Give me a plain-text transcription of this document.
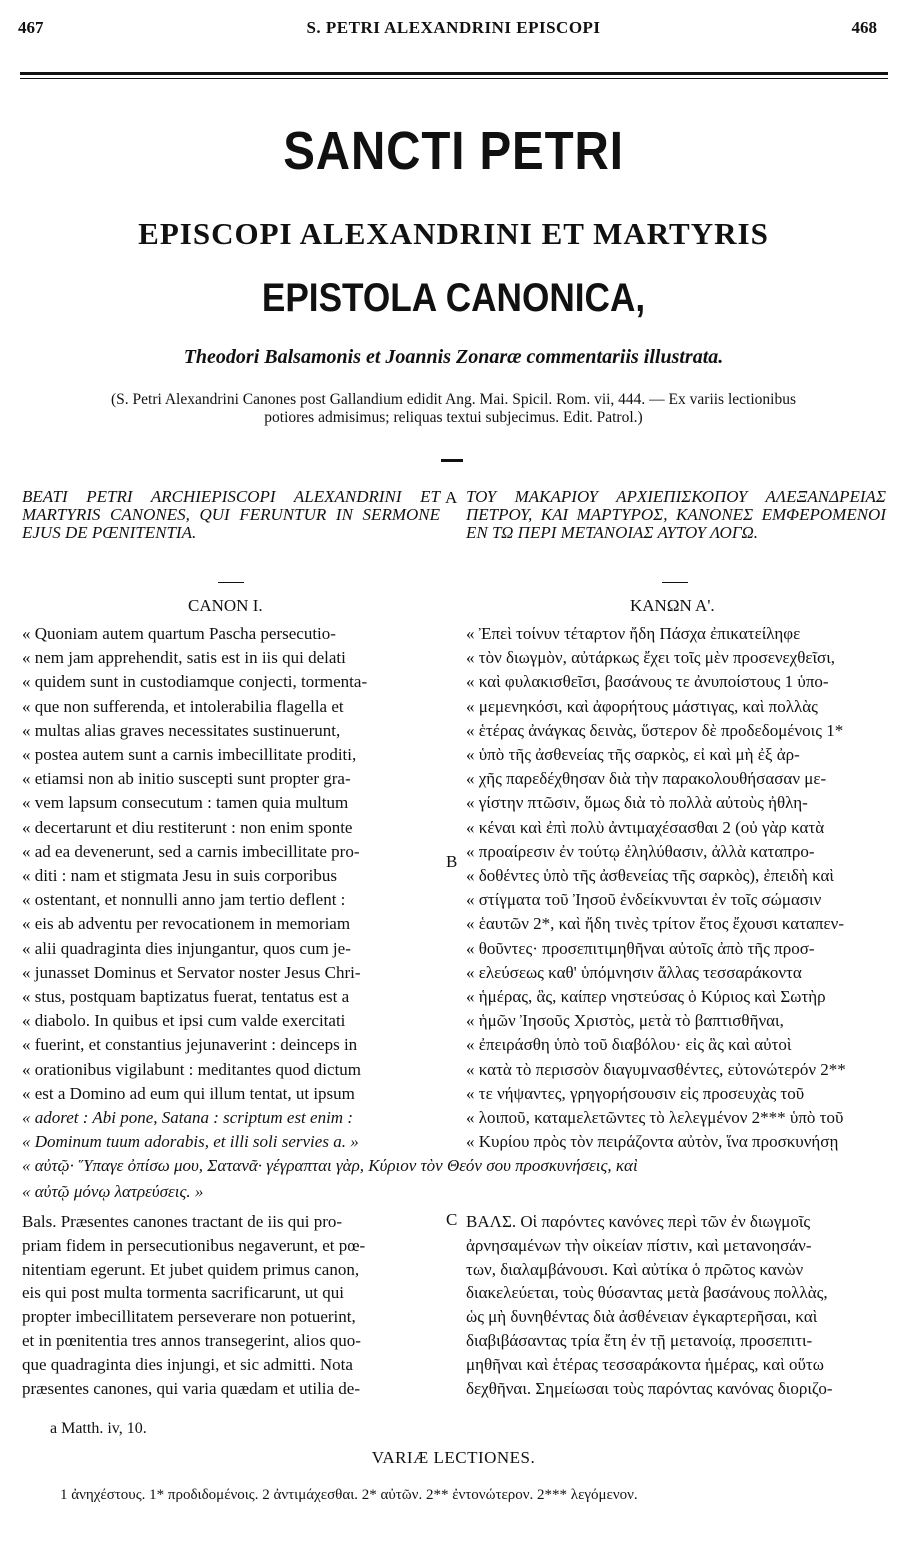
S. PETRI ALEXANDRINI EPISCOPI
467	468
SANCTI PETRI
EPISCOPI ALEXANDRINI ET MARTYRIS
EPISTOLA CANONICA,
Theodori Balsamonis et Joannis Zonaræ commentariis illustrata.
(S. Petri Alexandrini Canones post Gallandium edidit Ang. Mai. Spicil. Rom. vii, 444. — Ex variis lectionibus
potiores admisimus; reliquas textui subjecimus. Edit. Patrol.)
BEATI PETRI ARCHIEPISCOPI ALEXANDRINI ET MARTYRIS CANONES, QUI FERUNTUR IN SERMONE EJUS DE PŒNITENTIA.
ΤΟΥ ΜΑΚΑΡΙΟΥ ΑΡΧΙΕΠΙΣΚΟΠΟΥ ΑΛΕΞΑΝΔΡΕΙΑΣ ΠΕΤΡΟΥ, ΚΑΙ ΜΑΡΤΥΡΟΣ, ΚΑΝΟΝΕΣ ΕΜΦΕΡΟΜΕΝΟΙ ΕΝ ΤΩ ΠΕΡΙ ΜΕΤΑΝΟΙΑΣ ΑΥΤΟΥ ΛΟΓΩ.
A
CANON I.	ΚΑΝΩΝ Α'.
« Quoniam autem quartum Pascha persecutio-
« nem jam apprehendit, satis est in iis qui delati
« quidem sunt in custodiamque conjecti, tormenta-
« que non sufferenda, et intolerabilia flagella et
« multas alias graves necessitates sustinuerunt,
« postea autem sunt a carnis imbecillitate proditi,
« etiamsi non ab initio suscepti sunt propter gra-
« vem lapsum consecutum : tamen quia multum
« decertarunt et diu restiterunt : non enim sponte
« ad ea devenerunt, sed a carnis imbecillitate pro-
« diti : nam et stigmata Jesu in suis corporibus
« ostentant, et nonnulli anno jam tertio deflent :
« eis ab adventu per revocationem in memoriam
« alii quadraginta dies injungantur, quos cum je-
« junasset Dominus et Servator noster Jesus Chri-
« stus, postquam baptizatus fuerat, tentatus est a
« diabolo. In quibus et ipsi cum valde exercitati
« fuerint, et constantius jejunaverint : deinceps in
« orationibus vigilabunt : meditantes quod dictum
« est a Domino ad eum qui illum tentat, ut ipsum
« adoret : Abi pone, Satana : scriptum est enim :
« Dominum tuum adorabis, et illi soli servies a. »
B
« Ἐπεὶ τοίνυν τέταρτον ἤδη Πάσχα ἐπικατείληφε
« τὸν διωγμὸν, αὐτάρκως ἔχει τοῖς μὲν προσενεχθεῖσι,
« καὶ φυλακισθεῖσι, βασάνους τε ἀνυποίστους 1 ὑπο-
« μεμενηκόσι, καὶ ἀφορήτους μάστιγας, καὶ πολλὰς
« ἑτέρας ἀνάγκας δεινὰς, ὕστερον δὲ προδεδομένοις 1*
« ὑπὸ τῆς ἀσθενείας τῆς σαρκὸς, εἰ καὶ μὴ ἐξ ἀρ-
« χῆς παρεδέχθησαν διὰ τὴν παρακολουθήσασαν με-
« γίστην πτῶσιν, ὅμως διὰ τὸ πολλὰ αὐτοὺς ἠθλη-
« κέναι καὶ ἐπὶ πολὺ ἀντιμαχέσασθαι 2 (οὐ γὰρ κατὰ
« προαίρεσιν ἐν τούτῳ ἐληλύθασιν, ἀλλὰ καταπρο-
« δοθέντες ὑπὸ τῆς ἀσθενείας τῆς σαρκὸς), ἐπειδὴ καὶ
« στίγματα τοῦ Ἰησοῦ ἐνδείκνυνται ἐν τοῖς σώμασιν
« ἑαυτῶν 2*, καὶ ἤδη τινὲς τρίτον ἔτος ἔχουσι καταπεν-
« θοῦντες· προσεπιτιμηθῆναι αὐτοῖς ἀπὸ τῆς προσ-
« ελεύσεως καθ' ὑπόμνησιν ἄλλας τεσσαράκοντα
« ἡμέρας, ἃς, καίπερ νηστεύσας ὁ Κύριος καὶ Σωτὴρ
« ἡμῶν Ἰησοῦς Χριστὸς, μετὰ τὸ βαπτισθῆναι,
« ἐπειράσθη ὑπὸ τοῦ διαβόλου· εἰς ἃς καὶ αὐτοὶ
« κατὰ τὸ περισσὸν διαγυμνασθέντες, εὐτονώτερόν 2**
« τε νήψαντες, γρηγορήσουσιν εἰς προσευχὰς τοῦ
« λοιποῦ, καταμελετῶντες τὸ λελεγμένον 2*** ὑπὸ τοῦ
« Κυρίου πρὸς τὸν πειράζοντα αὐτὸν, ἵνα προσκυνήσῃ
« αὐτῷ· Ὕπαγε ὀπίσω μου, Σατανᾶ· γέγραπται γὰρ, Κύριον τὸν Θεόν σου προσκυνήσεις, καὶ
« αὐτῷ μόνῳ λατρεύσεις. »
Bals. Præsentes canones tractant de iis qui pro-
priam fidem in persecutionibus negaverunt, et pœ-
nitentiam egerunt. Et jubet quidem primus canon,
eis qui post multa tormenta sacrificarunt, ut qui
propter imbecillitatem perseverare non potuerint,
et in pœnitentia tres annos transegerint, alios quo-
que quadraginta dies injungi, et sic admitti. Nota
præsentes canones, qui varia quædam et utilia de-
C ΒΑΛΣ. Οἱ παρόντες κανόνες περὶ τῶν ἐν διωγμοῖς
ἀρνησαμένων τὴν οἰκείαν πίστιν, καὶ μετανοησάν-
των, διαλαμβάνουσι. Καὶ αὐτίκα ὁ πρῶτος κανὼν
διακελεύεται, τοὺς θύσαντας μετὰ βασάνους πολλὰς,
ὡς μὴ δυνηθέντας διὰ ἀσθένειαν ἐγκαρτερῆσαι, καὶ
διαβιβάσαντας τρία ἔτη ἐν τῇ μετανοίᾳ, προσεπιτι-
μηθῆναι καὶ ἑτέρας τεσσαράκοντα ἡμέρας, καὶ οὕτω
δεχθῆναι. Σημείωσαι τοὺς παρόντας κανόνας διοριζο-
a Matth. iv, 10.
VARIÆ LECTIONES.
1 ἀνηχέστους. 1* προδιδομένοις. 2 ἀντιμάχεσθαι. 2* αὐτῶν. 2** ἐντονώτερον. 2*** λεγόμενον.
